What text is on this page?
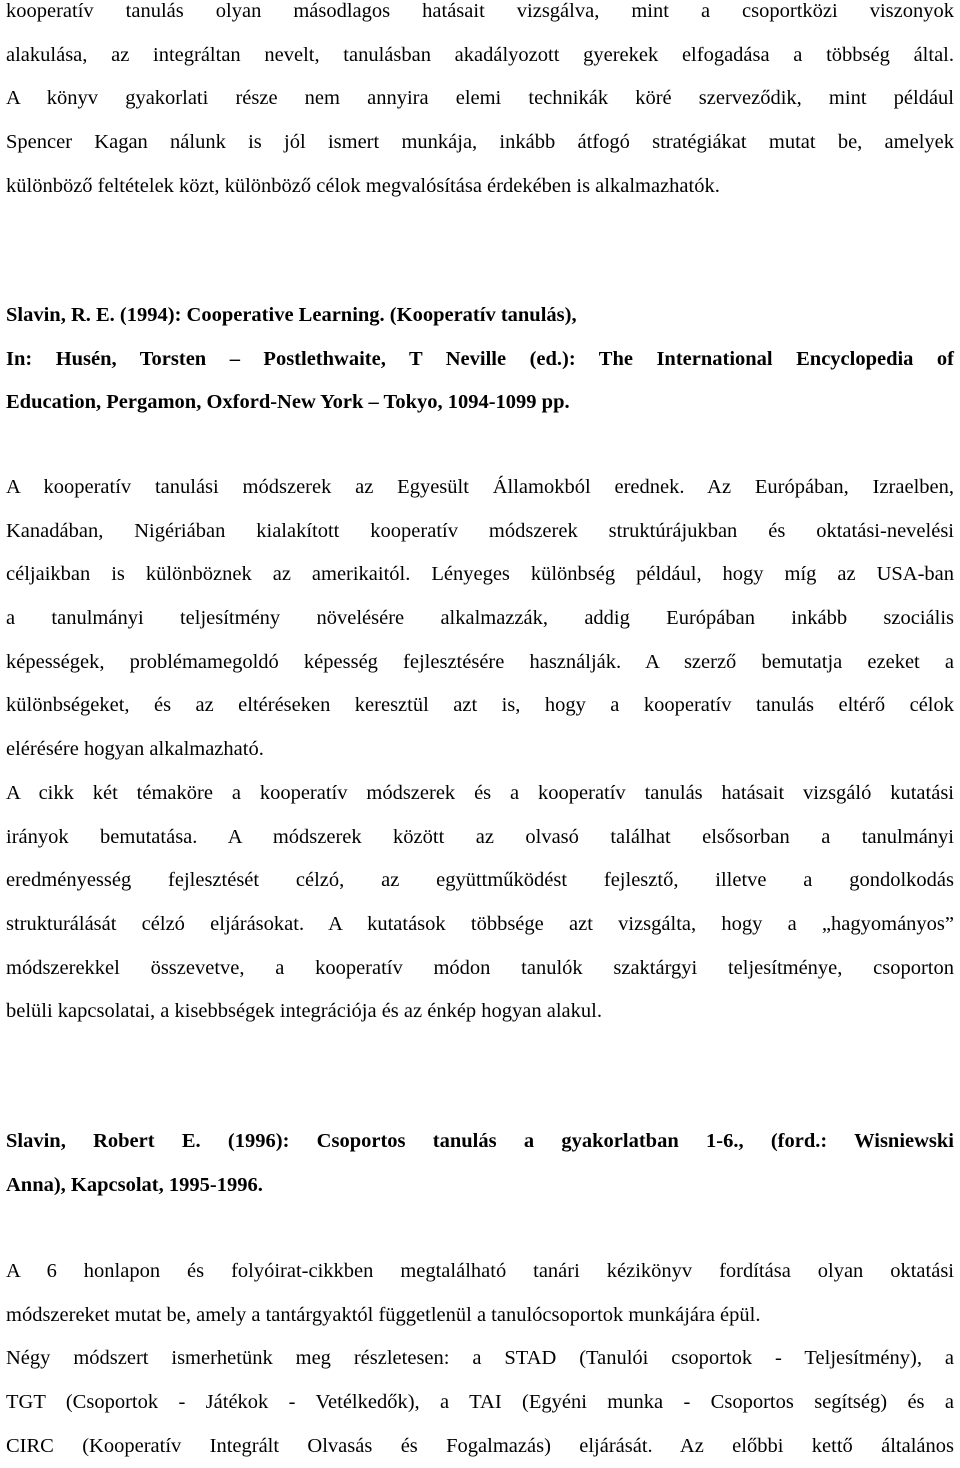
kooperatív tanulás olyan másodlagos hatásait vizsgálva, mint a csoportközi viszonyok
alakulása, az integráltan nevelt, tanulásban akadályozott gyerekek elfogadása a többség által.
A könyv gyakorlati része nem annyira elemi technikák köré szerveződik, mint például
Spencer Kagan nálunk is jól ismert munkája, inkább átfogó stratégiákat mutat be, amelyek
különböző feltételek közt, különböző célok megvalósítása érdekében is alkalmazhatók.
Slavin, R. E. (1994): Cooperative Learning. (Kooperatív tanulás),
In: Husén, Torsten – Postlethwaite, T Neville (ed.): The International Encyclopedia of
Education, Pergamon, Oxford-New York – Tokyo, 1094-1099 pp.
A kooperatív tanulási módszerek az Egyesült Államokból erednek. Az Európában, Izraelben,
Kanadában, Nigériában kialakított kooperatív módszerek struktúrájukban és oktatási-nevelési
céljaikban is különböznek az amerikaitól. Lényeges különbség például, hogy míg az USA-ban
a tanulmányi teljesítmény növelésére alkalmazzák, addig Európában inkább szociális
képességek, problémamegoldó képesség fejlesztésére használják. A szerző bemutatja ezeket a
különbségeket, és az eltéréseken keresztül azt is, hogy a kooperatív tanulás eltérő célok
elérésére hogyan alkalmazható.
A cikk két témaköre a kooperatív módszerek és a kooperatív tanulás hatásait vizsgáló kutatási
irányok bemutatása. A módszerek között az olvasó találhat elsősorban a tanulmányi
eredményesség fejlesztését célzó, az együttműködést fejlesztő, illetve a gondolkodás
strukturálását célzó eljárásokat. A kutatások többsége azt vizsgálta, hogy a „hagyományos”
módszerekkel összevetve, a kooperatív módon tanulók szaktárgyi teljesítménye, csoporton
belüli kapcsolatai, a kisebbségek integrációja és az énkép hogyan alakul.
Slavin, Robert E. (1996): Csoportos tanulás a gyakorlatban 1-6., (ford.: Wisniewski
Anna), Kapcsolat, 1995-1996.
A 6 honlapon és folyóirat-cikkben megtalálható tanári kézikönyv fordítása olyan oktatási
módszereket mutat be, amely a tantárgyaktól függetlenül a tanulócsoportok munkájára épül.
Négy módszert ismerhetünk meg részletesen: a STAD (Tanulói csoportok - Teljesítmény), a
TGT (Csoportok - Játékok - Vetélkedők), a TAI (Egyéni munka - Csoportos segítség) és a
CIRC (Kooperatív Integrált Olvasás és Fogalmazás) eljárását. Az előbbi kettő általános
